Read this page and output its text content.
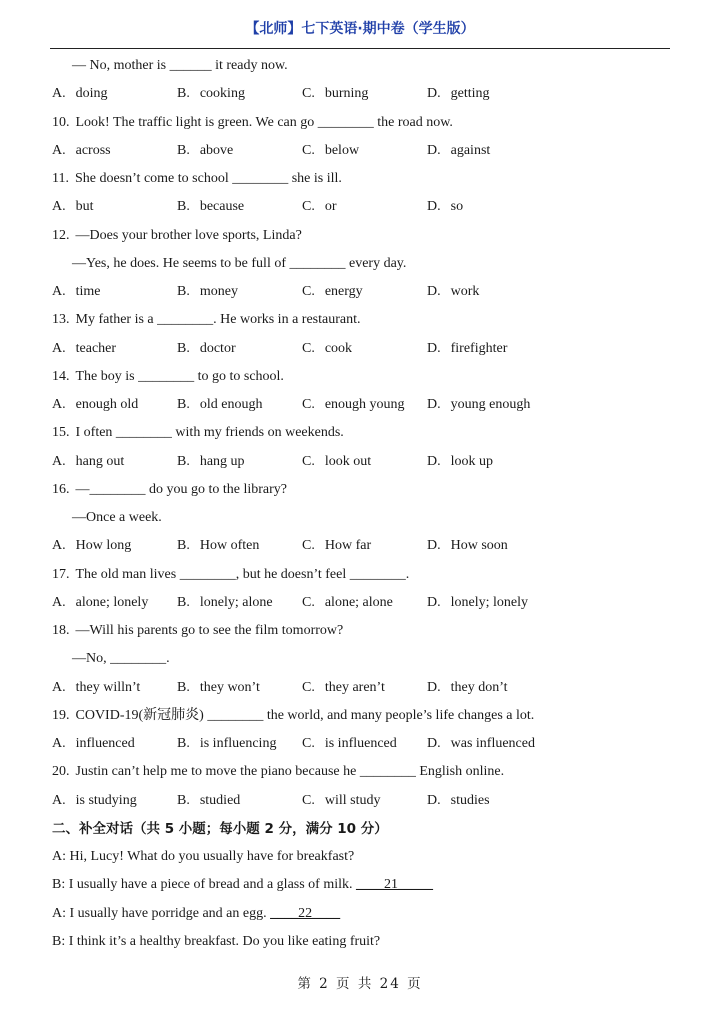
【北师】七下英语·期中卷（学生版）
— No, mother is ______ it ready now.
A. doing	B. cooking	C. burning	D. getting
10. Look! The traffic light is green. We can go ________ the road now.
A. across	B. above	C. below	D. against
11. She doesn’t come to school ________ she is ill.
A. but	B. because	C. or	D. so
12. —Does your brother love sports, Linda?
—Yes, he does. He seems to be full of ________ every day.
A. time	B. money	C. energy	D. work
13. My father is a ________. He works in a restaurant.
A. teacher	B. doctor	C. cook	D. firefighter
14. The boy is ________ to go to school.
A. enough old	B. old enough	C. enough young D. young enough
15. I often ________ with my friends on weekends.
A. hang out	B. hang up	C. look out	D. look up
16. —________ do you go to the library?
—Once a week.
A. How long	B. How often	C. How far	D. How soon
17. The old man lives ________, but he doesn’t feel ________.
A. alone; lonely B. lonely; alone C. alone; alone D. lonely; lonely
18. —Will his parents go to see the film tomorrow?
—No, ________.
A. they willn’t	B. they won’t	C. they aren’t	D. they don’t
19. COVID-19(新冠肺炎) ________ the world, and many people’s life changes a lot.
A. influenced	B. is influencing C. is influenced D. was influenced
20. Justin can’t help me to move the piano because he ________ English online.
A. is studying	B. studied	C. will study	D. studies
二、补全对话（共 5 小题；每小题 2 分，满分 10 分）
A: Hi, Lucy! What do you usually have for breakfast?
B: I usually have a piece of bread and a glass of milk. ____21_____
A: I usually have porridge and an egg. ____22____
B: I think it’s a healthy breakfast. Do you like eating fruit?
第 2 页 共 24 页
